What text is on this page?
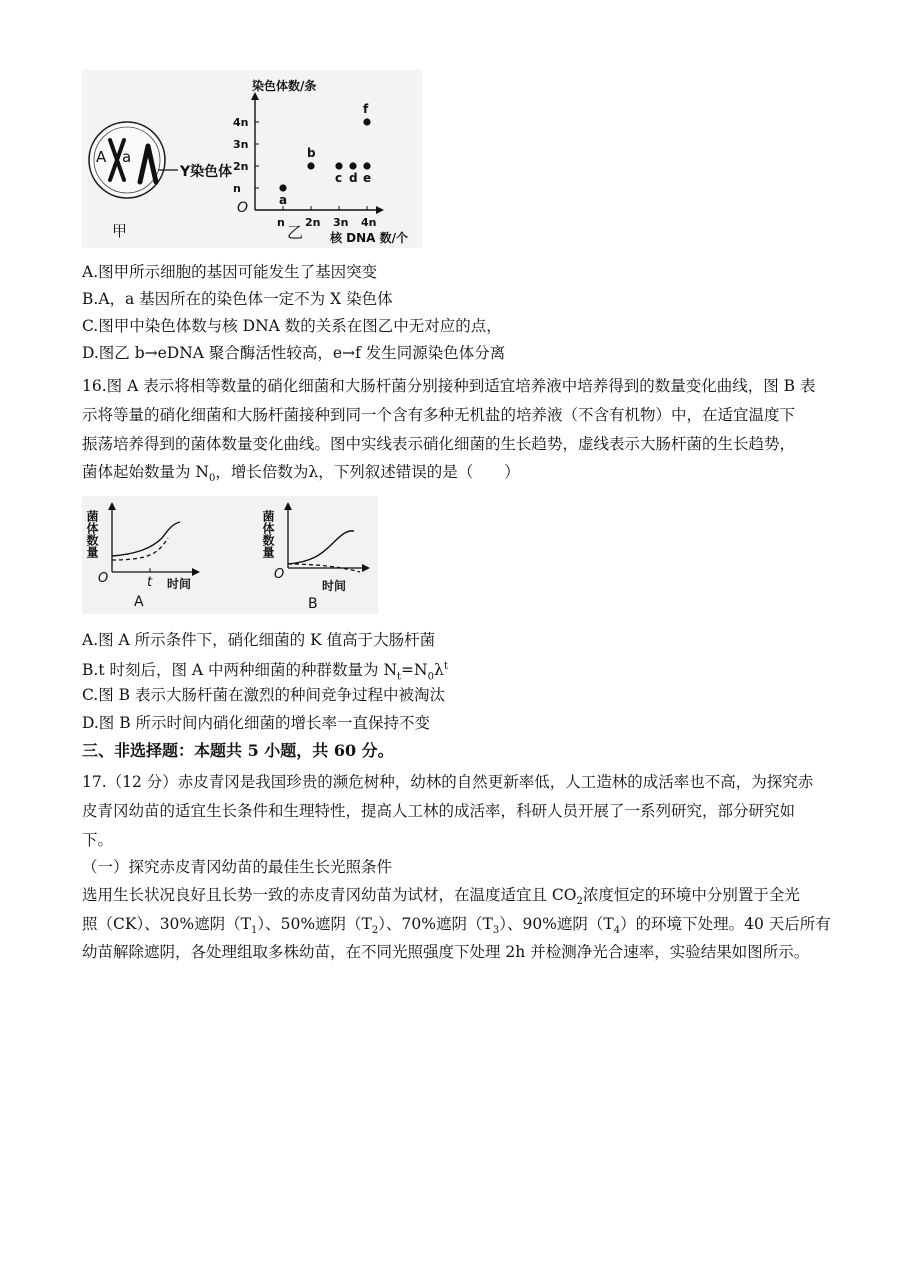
A a
Y染色体
甲
染色体数/条
核 DNA 数/个
O
乙
4n
3n
2n
n
n 2n 3n 4n
a
b
c d e
f
A.图甲所示细胞的基因可能发生了基因突变
B.A，a 基因所在的染色体一定不为 X 染色体
C.图甲中染色体数与核 DNA 数的关系在图乙中无对应的点，
D.图乙 b→eDNA 聚合酶活性较高，e→f 发生同源染色体分离
16.图 A 表示将相等数量的硝化细菌和大肠杆菌分别接种到适宜培养液中培养得到的数量变化曲线，图 B 表
示将等量的硝化细菌和大肠杆菌接种到同一个含有多种无机盐的培养液（不含有机物）中，在适宜温度下
振荡培养得到的菌体数量变化曲线。图中实线表示硝化细菌的生长趋势，虚线表示大肠杆菌的生长趋势，
菌体起始数量为 $N_0$，增长倍数为λ，下列叙述错误的是（　　）
菌体数量
O	t 时间
A
菌体数量
O
时间
B
A.图 A 所示条件下，硝化细菌的 K 值高于大肠杆菌
B.t 时刻后，图 A 中两种细菌的种群数量为 $N_t=N_0\lambda^t$
C.图 B 表示大肠杆菌在激烈的种间竞争过程中被淘汰
D.图 B 所示时间内硝化细菌的增长率一直保持不变
三、非选择题：本题共 5 小题，共 60 分。
17.（12 分）赤皮青冈是我国珍贵的濒危树种，幼林的自然更新率低，人工造林的成活率也不高，为探究赤
皮青冈幼苗的适宜生长条件和生理特性，提高人工林的成活率，科研人员开展了一系列研究，部分研究如
下。
（一）探究赤皮青冈幼苗的最佳生长光照条件
选用生长状况良好且长势一致的赤皮青冈幼苗为试材，在温度适宜且 $CO_2$浓度恒定的环境中分别置于全光
照（CK）、30%遮阴$(T_1)$、50%遮阴$(T_2)$、70%遮阴$(T_3)$、90%遮阴$(T_4)$的环境下处理。40 天后所有
幼苗解除遮阴，各处理组取多株幼苗，在不同光照强度下处理 2h 并检测净光合速率，实验结果如图所示。
